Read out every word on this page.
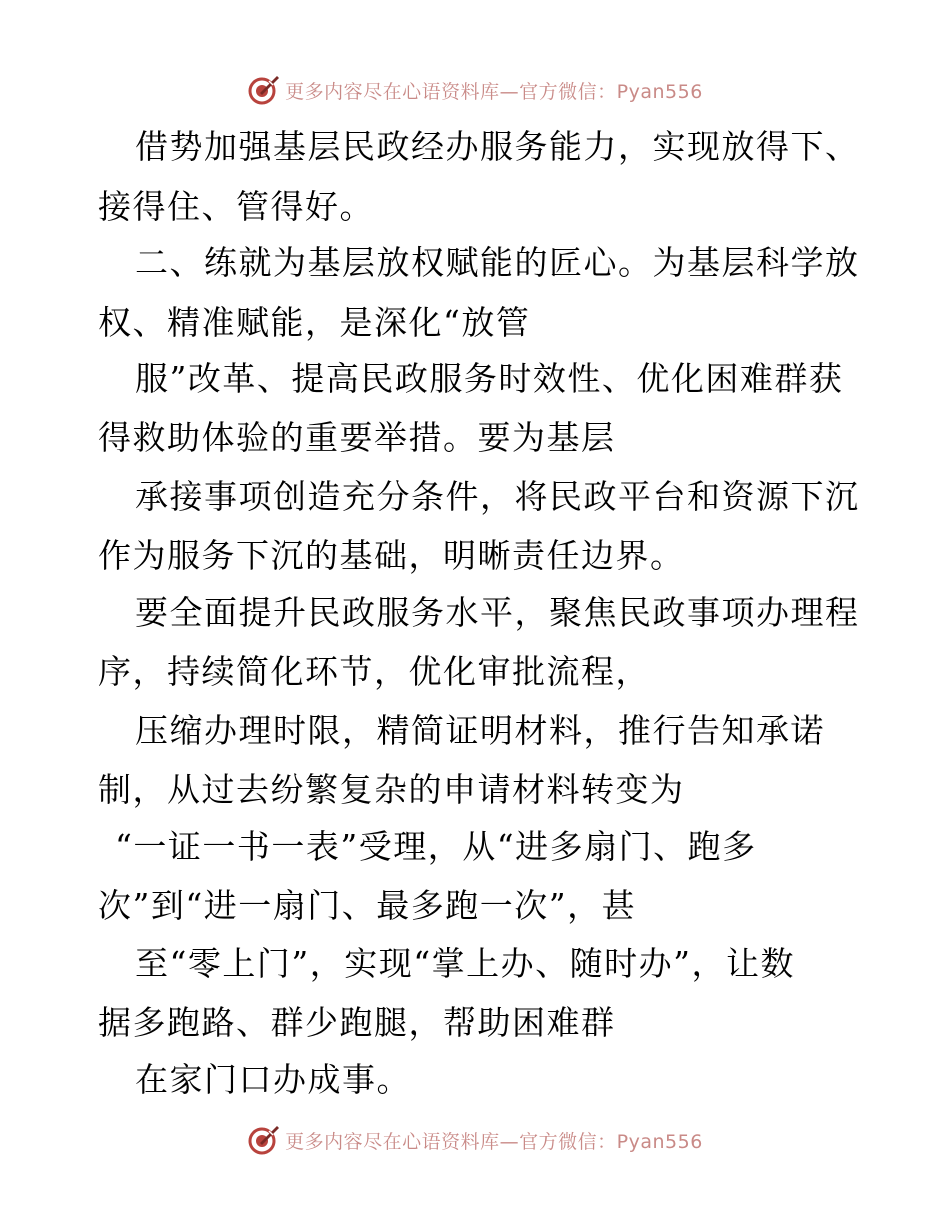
更多内容尽在心语资料库—官方微信：Pyan556
借势加强基层民政经办服务能力，实现放得下、
接得住、管得好。
二、练就为基层放权赋能的匠心。为基层科学放
权、精准赋能，是深化“放管
服”改革、提高民政服务时效性、优化困难群获
得救助体验的重要举措。要为基层
承接事项创造充分条件，将民政平台和资源下沉
作为服务下沉的基础，明晰责任边界。
要全面提升民政服务水平，聚焦民政事项办理程
序，持续简化环节，优化审批流程，
压缩办理时限，精简证明材料，推行告知承诺
制，从过去纷繁复杂的申请材料转变为
“一证一书一表”受理，从“进多扇门、跑多
次”到“进一扇门、最多跑一次”，甚
至“零上门”，实现“掌上办、随时办”，让数
据多跑路、群少跑腿，帮助困难群
在家门口办成事。
更多内容尽在心语资料库—官方微信：Pyan556
